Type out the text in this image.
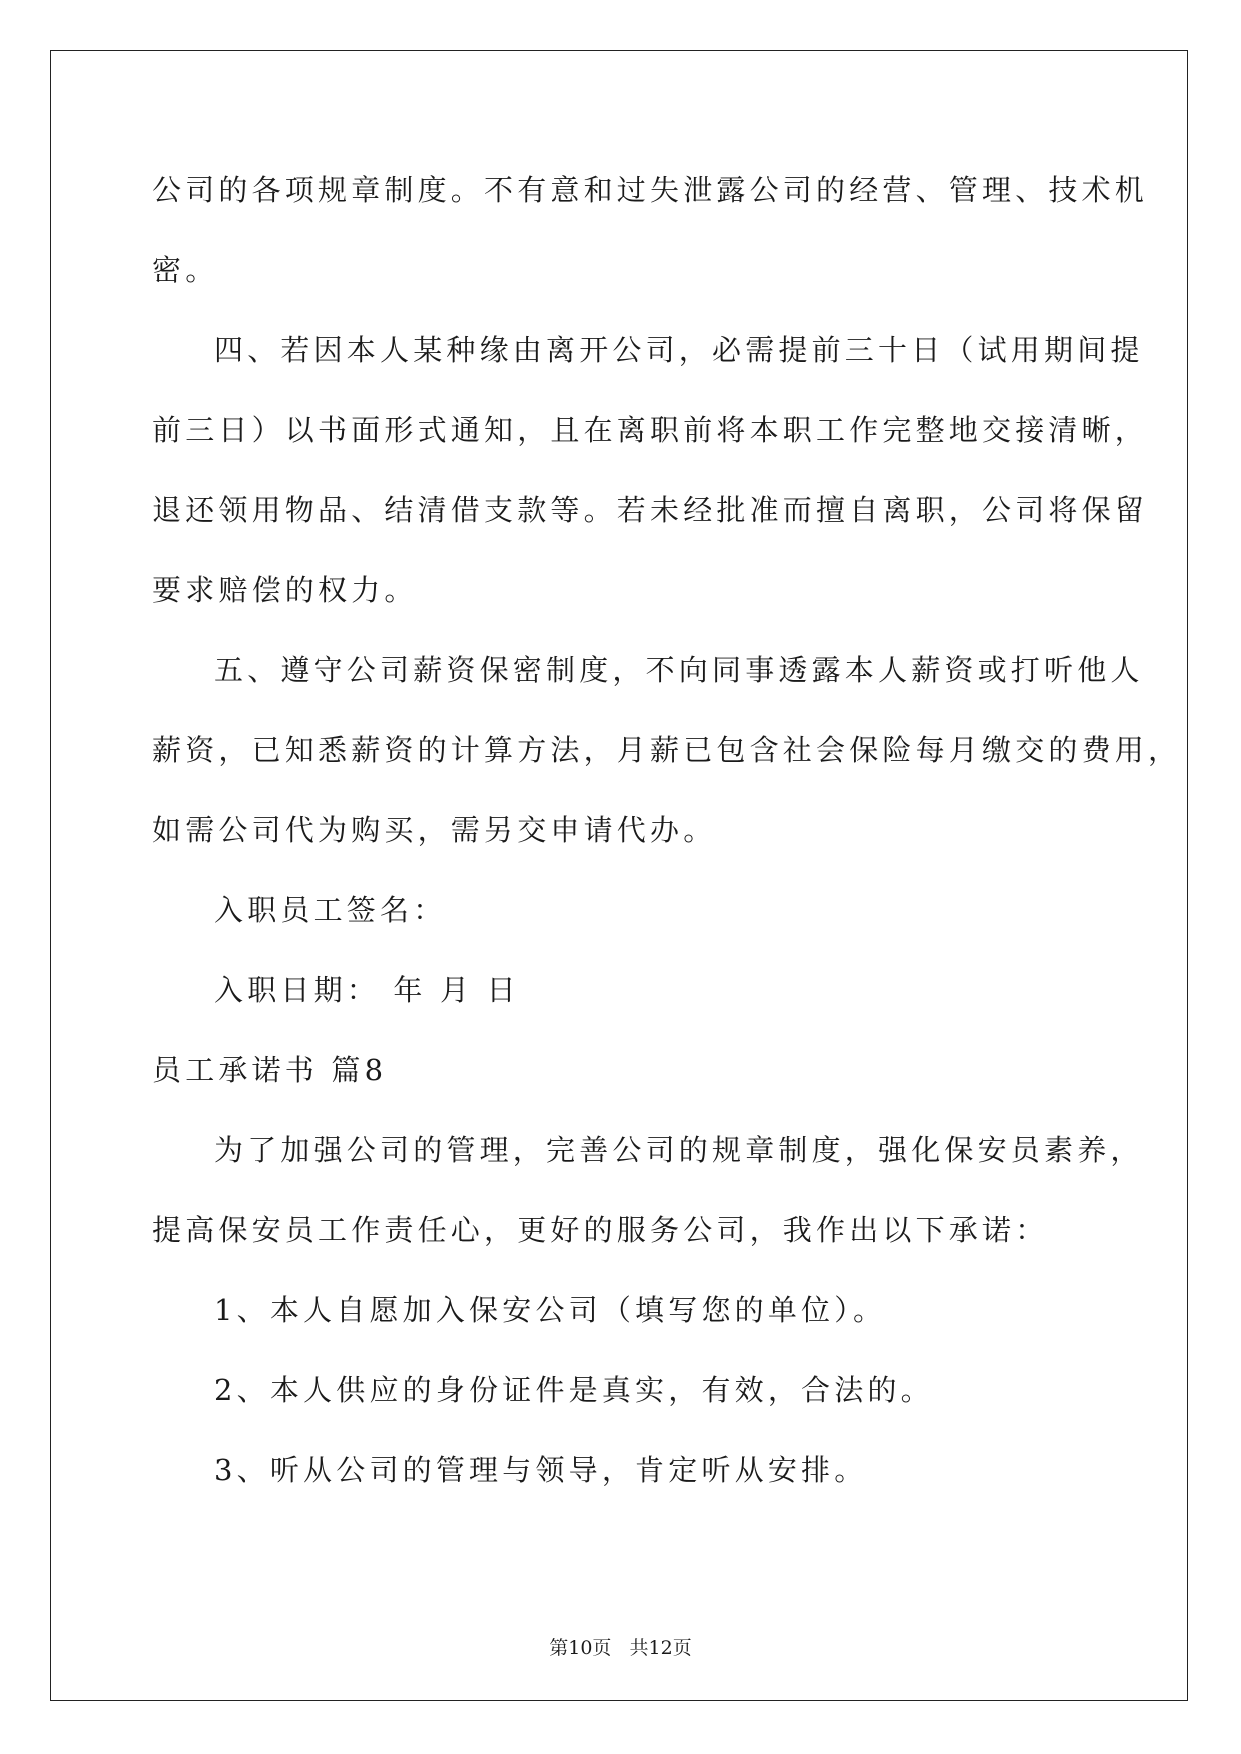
公司的各项规章制度。不有意和过失泄露公司的经营、管理、技术机
密。
四、若因本人某种缘由离开公司，必需提前三十日（试用期间提
前三日）以书面形式通知，且在离职前将本职工作完整地交接清晰，
退还领用物品、结清借支款等。若未经批准而擅自离职，公司将保留
要求赔偿的权力。
五、遵守公司薪资保密制度，不向同事透露本人薪资或打听他人
薪资，已知悉薪资的计算方法，月薪已包含社会保险每月缴交的费用，
如需公司代为购买，需另交申请代办。
入职员工签名：
入职日期： 年 月 日
员工承诺书 篇8
为了加强公司的管理，完善公司的规章制度，强化保安员素养，
提高保安员工作责任心，更好的服务公司，我作出以下承诺：
1、本人自愿加入保安公司（填写您的单位）。
2、本人供应的身份证件是真实，有效，合法的。
3、听从公司的管理与领导，肯定听从安排。
第10页   共12页
